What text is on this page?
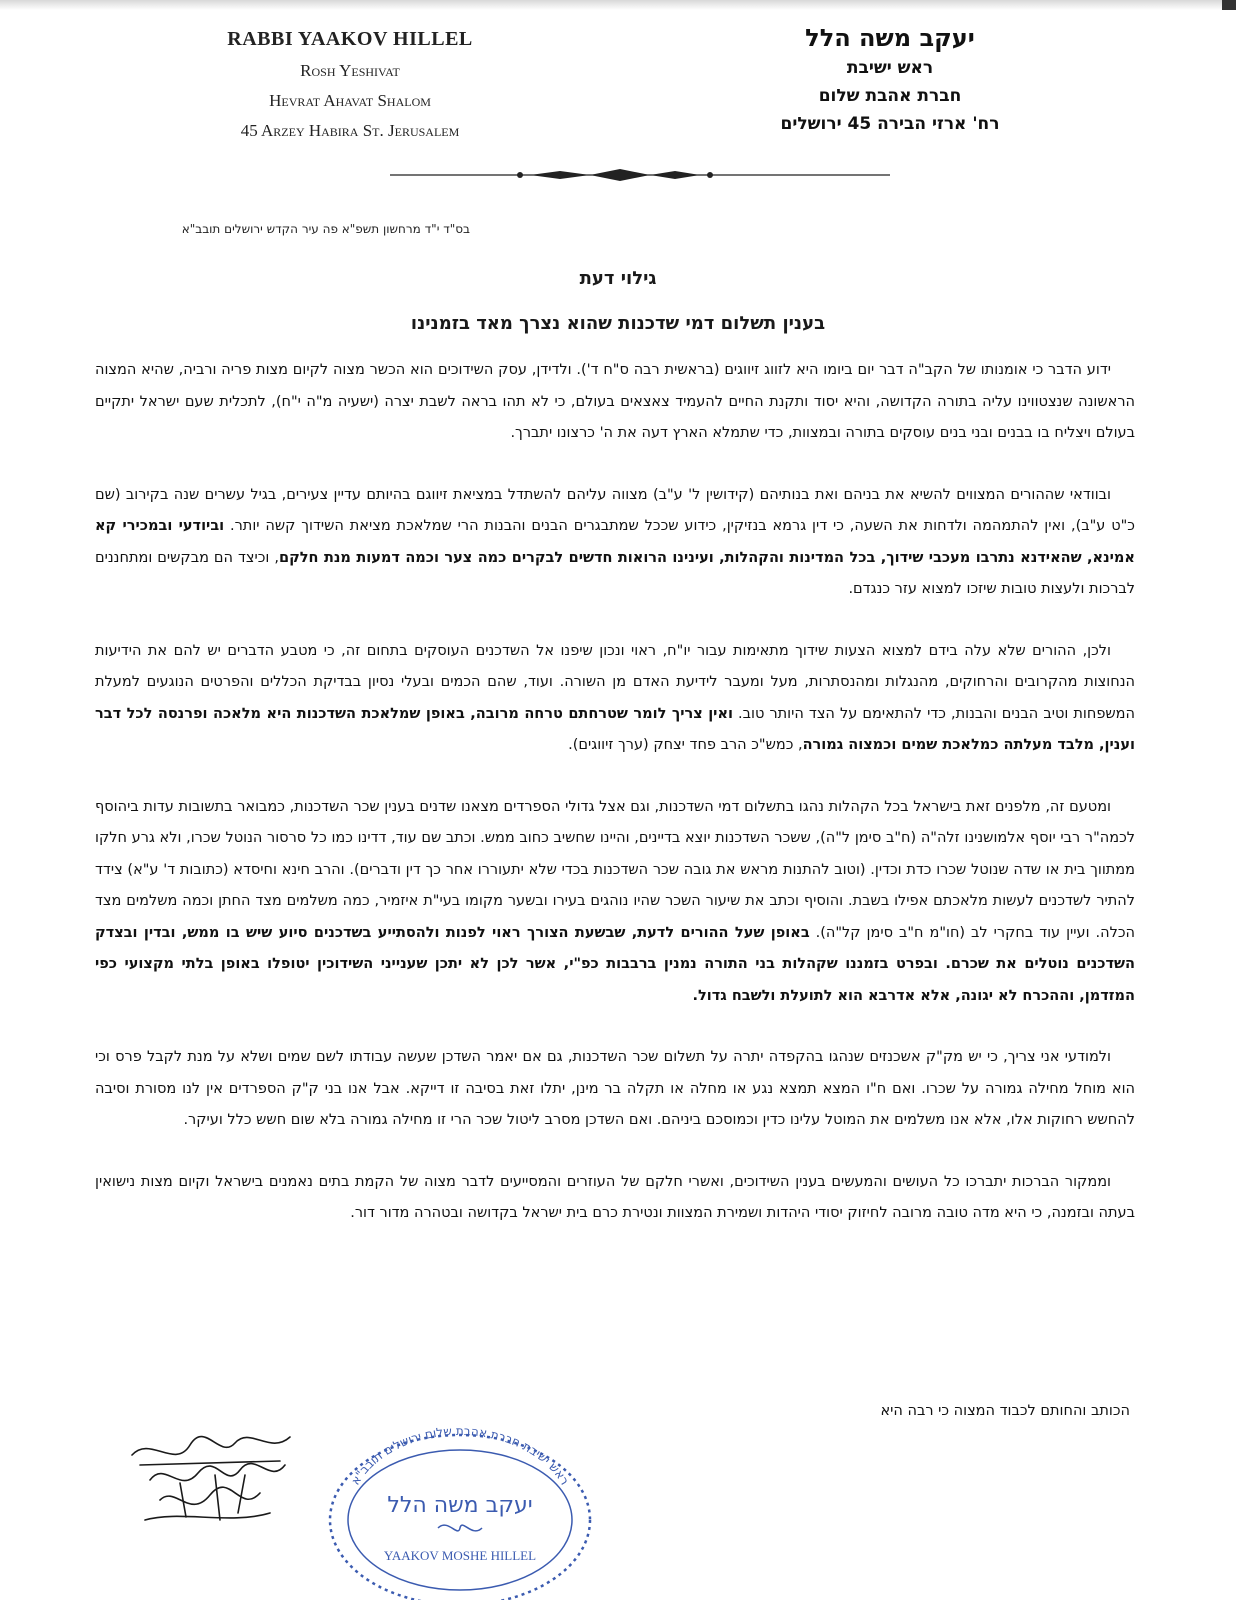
RABBI YAAKOV HILLEL
Rosh Yeshivat
Hevrat Ahavat Shalom
45 Arzey Habira St. Jerusalem
יעקב משה הלל
ראש ישיבת
חברת אהבת שלום
רח' ארזי הבירה 45 ירושלים
בס"ד י"ד מרחשון תשפ"א פה עיר הקדש ירושלים תובב"א
גילוי דעת
בענין תשלום דמי שדכנות שהוא נצרך מאד בזמנינו

ידוע הדבר כי אומנותו של הקב"ה דבר יום ביומו היא לזווג זיווגים (בראשית רבה ס"ח ד'). ולדידן, עסק השידוכים הוא הכשר מצוה לקיום מצות פריה ורביה, שהיא המצוה הראשונה שנצטווינו עליה בתורה הקדושה, והיא יסוד ותקנת החיים להעמיד צאצאים בעולם, כי לא תהו בראה לשבת יצרה (ישעיה מ"ה י"ח), לתכלית שעם ישראל יתקיים בעולם ויצליח בו בבנים ובני בנים עוסקים בתורה ובמצוות, כדי שתמלא הארץ דעה את ה' כרצונו יתברך.

ובוודאי שההורים המצווים להשיא את בניהם ואת בנותיהם (קידושין ל' ע"ב) מצווה עליהם להשתדל במציאת זיווגם בהיותם עדיין צעירים, בגיל עשרים שנה בקירוב (שם כ"ט ע"ב), ואין להתמהמה ולדחות את השעה, כי דין גרמא בנזיקין, כידוע שככל שמתבגרים הבנים והבנות הרי שמלאכת מציאת השידוך קשה יותר. וביודעי ובמכירי קא אמינא, שהאידנא נתרבו מעכבי שידוך, בכל המדינות והקהלות, ועינינו הרואות חדשים לבקרים כמה צער וכמה דמעות מנת חלקם, וכיצד הם מבקשים ומתחננים לברכות ולעצות טובות שיזכו למצוא עזר כנגדם.

ולכן, ההורים שלא עלה בידם למצוא הצעות שידוך מתאימות עבור יו"ח, ראוי ונכון שיפנו אל השדכנים העוסקים בתחום זה, כי מטבע הדברים יש להם את הידיעות הנחוצות מהקרובים והרחוקים, מהנגלות ומהנסתרות, מעל ומעבר לידיעת האדם מן השורה. ועוד, שהם הכמים ובעלי נסיון בבדיקת הכללים והפרטים הנוגעים למעלת המשפחות וטיב הבנים והבנות, כדי להתאימם על הצד היותר טוב. ואין צריך לומר שטרחתם טרחה מרובה, באופן שמלאכת השדכנות היא מלאכה ופרנסה לכל דבר וענין, מלבד מעלתה כמלאכת שמים וכמצוה גמורה, כמש"כ הרב פחד יצחק (ערך זיווגים).

ומטעם זה, מלפנים זאת בישראל בכל הקהלות נהגו בתשלום דמי השדכנות, וגם אצל גדולי הספרדים מצאנו שדנים בענין שכר השדכנות, כמבואר בתשובות עדות ביהוסף לכמה"ר רבי יוסף אלמושנינו זלה"ה (ח"ב סימן ל"ה), ששכר השדכנות יוצא בדיינים, והיינו שחשיב כחוב ממש. וכתב שם עוד, דדינו כמו כל סרסור הנוטל שכרו, ולא גרע חלקו ממתווך בית או שדה שנוטל שכרו כדת וכדין. (וטוב להתנות מראש את גובה שכר השדכנות בכדי שלא יתעוררו אחר כך דין ודברים). והרב חינא וחיסדא (כתובות ד' ע"א) צידד להתיר לשדכנים לעשות מלאכתם אפילו בשבת. והוסיף וכתב את שיעור השכר שהיו נוהגים בעירו ובשער מקומו בעי"ת איזמיר, כמה משלמים מצד החתן וכמה משלמים מצד הכלה. ועיין עוד בחקרי לב (חו"מ ח"ב סימן קל"ה). באופן שעל ההורים לדעת, שבשעת הצורך ראוי לפנות ולהסתייע בשדכנים סיוע שיש בו ממש, ובדין ובצדק השדכנים נוטלים את שכרם. ובפרט בזמננו שקהלות בני התורה נמנין ברבבות כפ"י, אשר לכן לא יתכן שענייני השידוכין יטופלו באופן בלתי מקצועי כפי המזדמן, וההכרח לא יגונה, אלא אדרבא הוא לתועלת ולשבח גדול.

ולמודעי אני צריך, כי יש מק"ק אשכנזים שנהגו בהקפדה יתרה על תשלום שכר השדכנות, גם אם יאמר השדכן שעשה עבודתו לשם שמים ושלא על מנת לקבל פרס וכי הוא מוחל מחילה גמורה על שכרו. ואם ח"ו המצא תמצא נגע או מחלה או תקלה בר מינן, יתלו זאת בסיבה זו דייקא. אבל אנו בני ק"ק הספרדים אין לנו מסורת וסיבה להחשש רחוקות אלו, אלא אנו משלמים את המוטל עלינו כדין וכמוסכם ביניהם. ואם השדכן מסרב ליטול שכר הרי זו מחילה גמורה בלא שום חשש כלל ועיקר.

וממקור הברכות יתברכו כל העושים והמעשים בענין השידוכים, ואשרי חלקם של העוזרים והמסייעים לדבר מצוה של הקמת בתים נאמנים בישראל וקיום מצות נישואין בעתה ובזמנה, כי היא מדה טובה מרובה לחיזוק יסודי היהדות ושמירת המצוות ונטירת כרם בית ישראל בקדושה ובטהרה מדור דור.

הכותב והחותם לכבוד המצוה כי רבה היא
ראש ישיבת חברת אהבת שלום ירושלים תובב"א
יעקב משה הלל
YAAKOV MOSHE HILLEL
